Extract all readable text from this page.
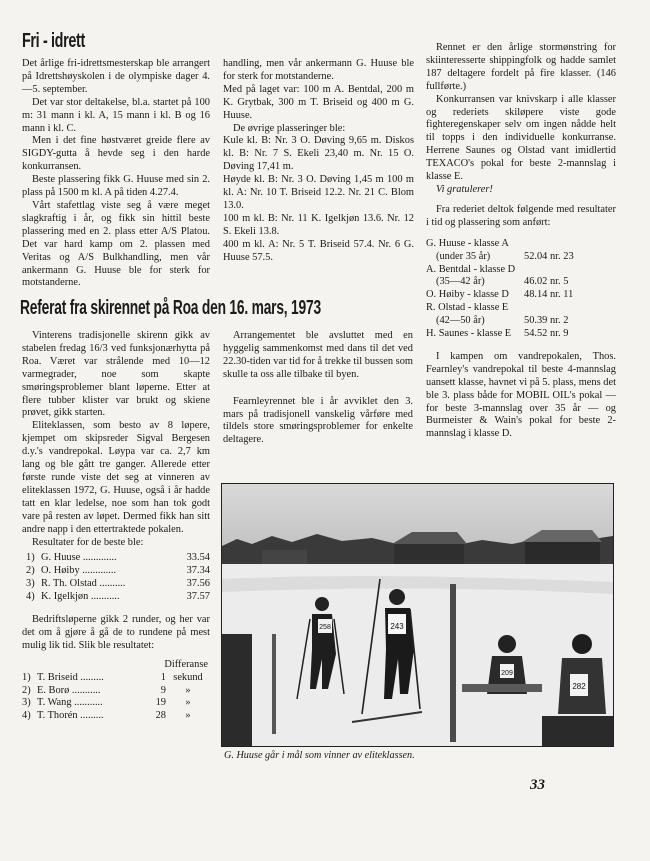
Fri - idrett

Det årlige fri-idrettsmesterskap ble arrangert på Idrettshøyskolen i de olympiske dager 4.—5. september.

Det var stor deltakelse, bl.a. startet på 100 m: 31 mann i kl. A, 15 mann i kl. B og 16 mann i kl. C.

Men i det fine høstværet greide flere av SIGDY-gutta å hevde seg i den harde konkurransen.

Beste plassering fikk G. Huuse med sin 2. plass på 1500 m kl. A på tiden 4.27.4.

Vårt stafettlag viste seg å være meget slagkraftig i år, og fikk sin hittil beste plassering med en 2. plass etter A/S Platou. Det var hard kamp om 2. plassen med Veritas og A/S Bulkhandling, men vår ankermann G. Huuse ble for sterk for motstanderne.

handling, men vår ankermann G. Huuse ble for sterk for motstanderne.

Med på laget var: 100 m A. Bentdal, 200 m K. Grytbak, 300 m T. Briseid og 400 m G. Huuse.

De øvrige plasseringer ble:

Kule kl. B: Nr. 3 O. Døving 9,65 m. Diskos kl. B: Nr. 7 S. Ekeli 23,40 m. Nr. 15 O. Døving 17,41 m.

Høyde kl. B: Nr. 3 O. Døving 1,45 m 100 m kl. A: Nr. 10 T. Briseid 12.2. Nr. 21 C. Blom 13.0.

100 m kl. B: Nr. 11 K. Igelkjøn 13.6. Nr. 12 S. Ekeli 13.8.

400 m kl. A: Nr. 5 T. Briseid 57.4. Nr. 6 G. Huuse 57.5.

Rennet er den årlige stormønstring for skiinteresserte shippingfolk og hadde samlet 187 deltagere fordelt på fire klasser. (146 fullførte.)

Konkurransen var knivskarp i alle klasser og rederiets skiløpere viste gode fighteregenskaper selv om ingen nådde helt til topps i den individuelle konkurranse. Herrene Saunes og Olstad vant imidlertid TEXACO's pokal for beste 2-mannslag i klasse E.

Vi gratulerer!

Fra rederiet deltok følgende med resultater i tid og plassering som anført:

G. Huuse - klasse A
(under 35 år)	52.04 nr. 23
A. Bentdal - klasse D
(35—42 år)	46.02 nr. 5
O. Høiby - klasse D	48.14 nr. 11
R. Olstad - klasse E
(42—50 år)	50.39 nr. 2
H. Saunes - klasse E	54.52 nr. 9

I kampen om vandrepokalen, Thos. Fearnley's vandrepokal til beste 4-mannslag uansett klasse, havnet vi på 5. plass, mens det ble 3. plass både for MOBIL OIL's pokal — for beste 3-mannslag over 35 år — og Burmeister & Wain's pokal for beste 2-mannslag i klasse D.

Referat fra skirennet på Roa den 16. mars, 1973

Vinterens tradisjonelle skirenn gikk av stabelen fredag 16/3 ved funksjonærhytta på Roa. Været var strålende med 10—12 varmegrader, noe som skapte smøringsproblemer blant løperne. Etter at flere tubber klister var brukt og skiene prøvet, gikk starten.

Eliteklassen, som besto av 8 løpere, kjempet om skipsreder Sigval Bergesen d.y.'s vandrepokal. Løypa var ca. 2,7 km lang og ble gått tre ganger. Allerede etter første runde viste det seg at vinneren av eliteklassen 1972, G. Huuse, også i år hadde tatt en klar ledelse, noe som han tok godt vare på resten av løpet. Dermed fikk han sitt andre napp i den ettertraktede pokalen.

Resultater for de beste ble:

1) G. Huuse .............	33.54
2) O. Høiby .............	37.34
3) R. Th. Olstad ..........	37.56
4) K. Igelkjøn ...........	37.57

Bedriftsløperne gikk 2 runder, og her var det om å gjøre å gå de to rundene på mest mulig lik tid. Slik ble resultatet:

Differanse
1) T. Briseid .........	1 sekund
2) E. Borø ...........	9	»
3) T. Wang ...........	19	»
4) T. Thorén .........	28	»

Arrangementet ble avsluttet med en hyggelig sammenkomst med dans til det ved 22.30-tiden var tid for å trekke til bussen som skulle ta oss alle tilbake til byen.

Fearnleyrennet ble i år avviklet den 3. mars på tradisjonell vanskelig vårføre med tildels store smøringsproblemer for enkelte deltagere.

243
209
282
258
G. Huuse går i mål som vinner av eliteklassen.
33
